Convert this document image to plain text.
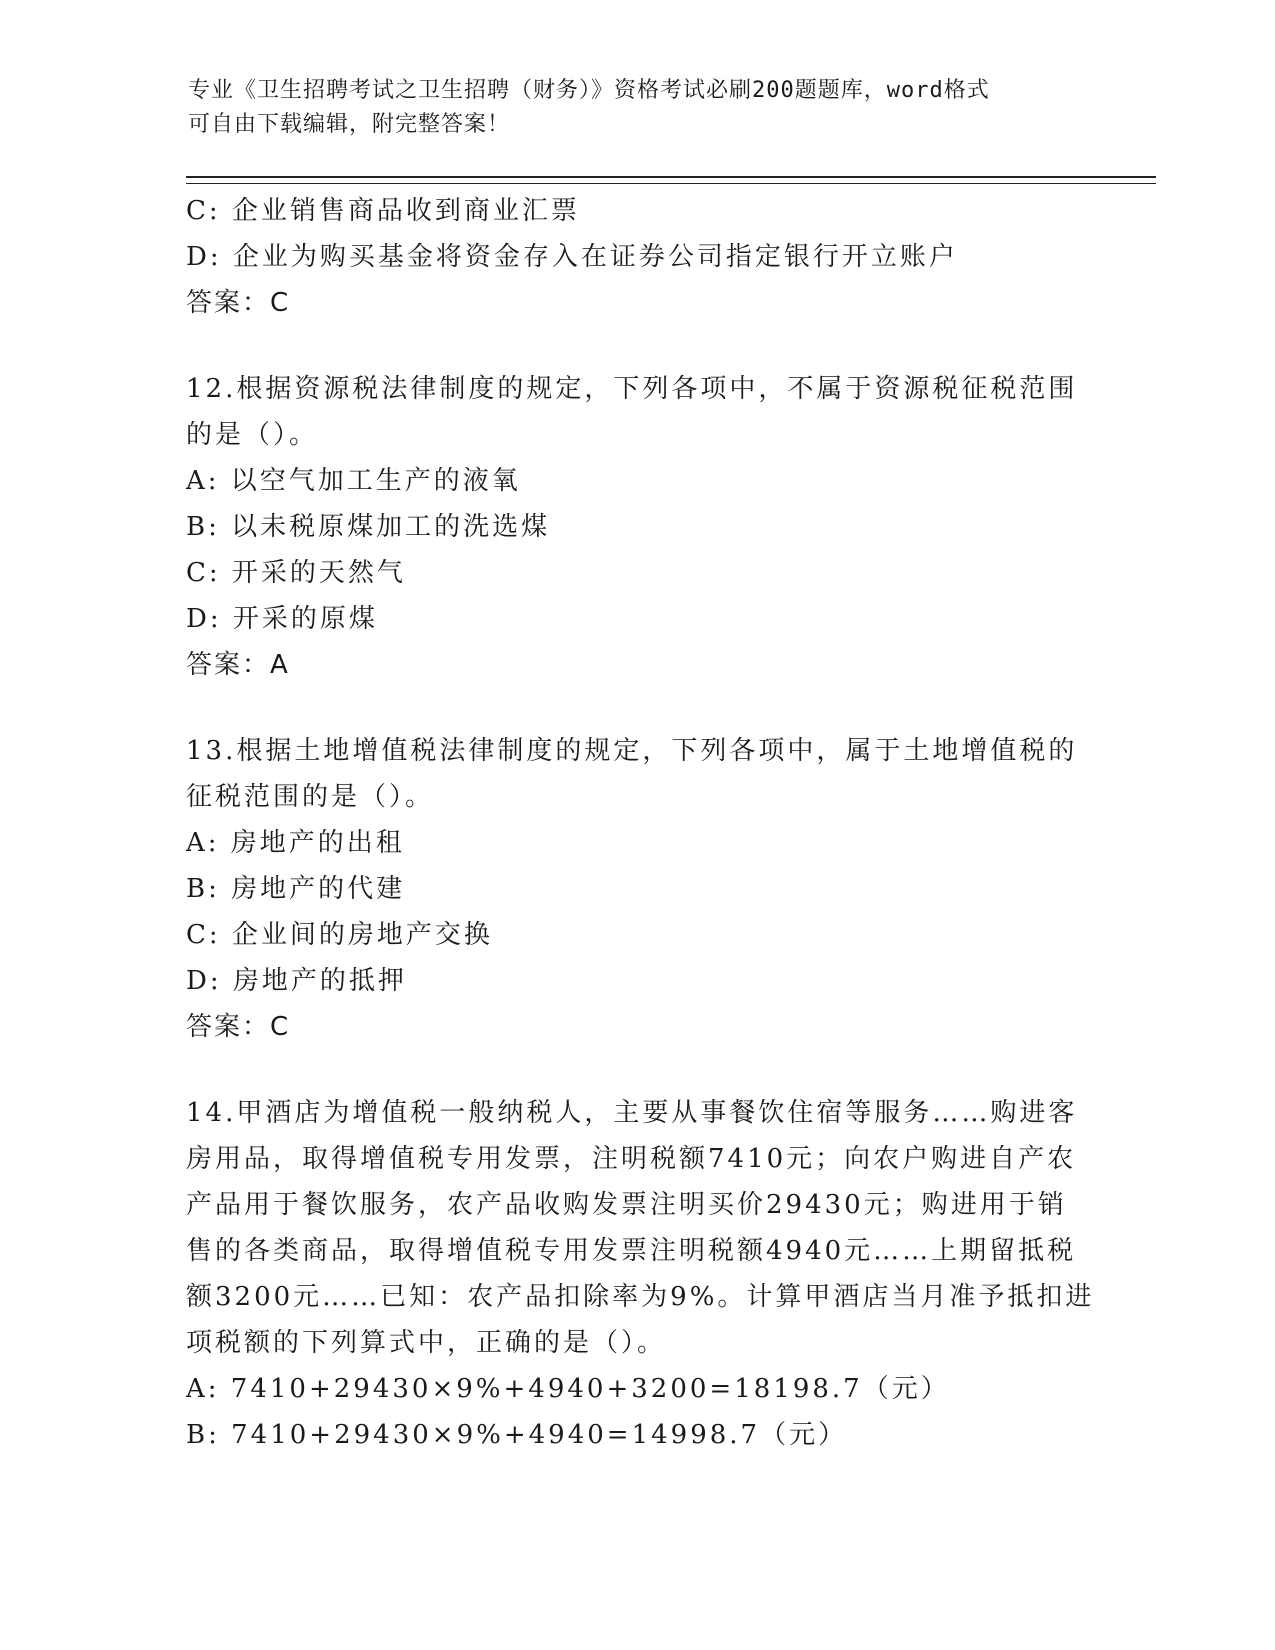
专业《卫生招聘考试之卫生招聘（财务）》资格考试必刷200题题库，word格式
可自由下载编辑，附完整答案！
C: 企业销售商品收到商业汇票
D: 企业为购买基金将资金存入在证券公司指定银行开立账户
答案：C
12.根据资源税法律制度的规定，下列各项中，不属于资源税征税范围
的是（）。
A: 以空气加工生产的液氧
B: 以未税原煤加工的洗选煤
C: 开采的天然气
D: 开采的原煤
答案：A
13.根据土地增值税法律制度的规定，下列各项中，属于土地增值税的
征税范围的是（）。
A: 房地产的出租
B: 房地产的代建
C: 企业间的房地产交换
D: 房地产的抵押
答案：C
14.甲酒店为增值税一般纳税人，主要从事餐饮住宿等服务……购进客
房用品，取得增值税专用发票，注明税额7410元；向农户购进自产农
产品用于餐饮服务，农产品收购发票注明买价29430元；购进用于销
售的各类商品，取得增值税专用发票注明税额4940元……上期留抵税
额3200元……已知：农产品扣除率为9%。计算甲酒店当月准予抵扣进
项税额的下列算式中，正确的是（）。
A: 7410+29430×9%+4940+3200=18198.7（元）
B: 7410+29430×9%+4940=14998.7（元）
